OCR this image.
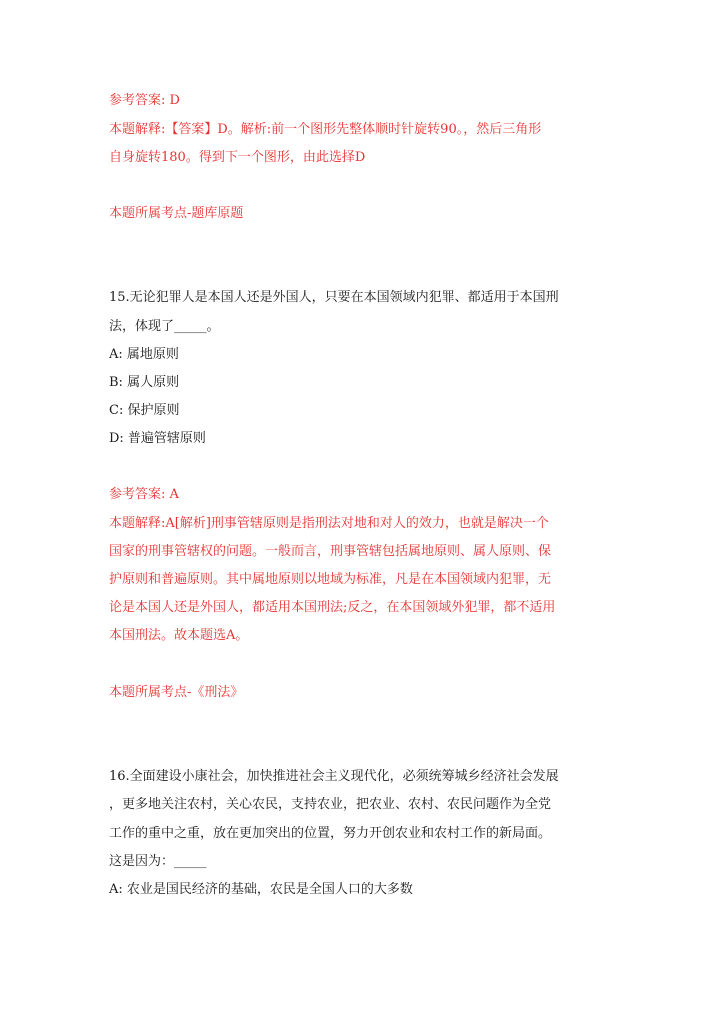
参考答案: D
本题解释:【答案】D。解析:前一个图形先整体顺时针旋转90。，然后三角形
自身旋转180。得到下一个图形，由此选择D
本题所属考点-题库原题
15.无论犯罪人是本国人还是外国人，只要在本国领域内犯罪、都适用于本国刑
法，体现了_____。
A: 属地原则
B: 属人原则
C: 保护原则
D: 普遍管辖原则
参考答案: A
本题解释:A[解析]刑事管辖原则是指刑法对地和对人的效力，也就是解决一个
国家的刑事管辖权的问题。一般而言，刑事管辖包括属地原则、属人原则、保
护原则和普遍原则。其中属地原则以地域为标准，凡是在本国领域内犯罪，无
论是本国人还是外国人，都适用本国刑法;反之，在本国领域外犯罪，都不适用
本国刑法。故本题选A。
本题所属考点-《刑法》
16.全面建设小康社会，加快推进社会主义现代化，必须统筹城乡经济社会发展
，更多地关注农村，关心农民，支持农业，把农业、农村、农民问题作为全党
工作的重中之重，放在更加突出的位置，努力开创农业和农村工作的新局面。
这是因为：_____
A: 农业是国民经济的基础，农民是全国人口的大多数
